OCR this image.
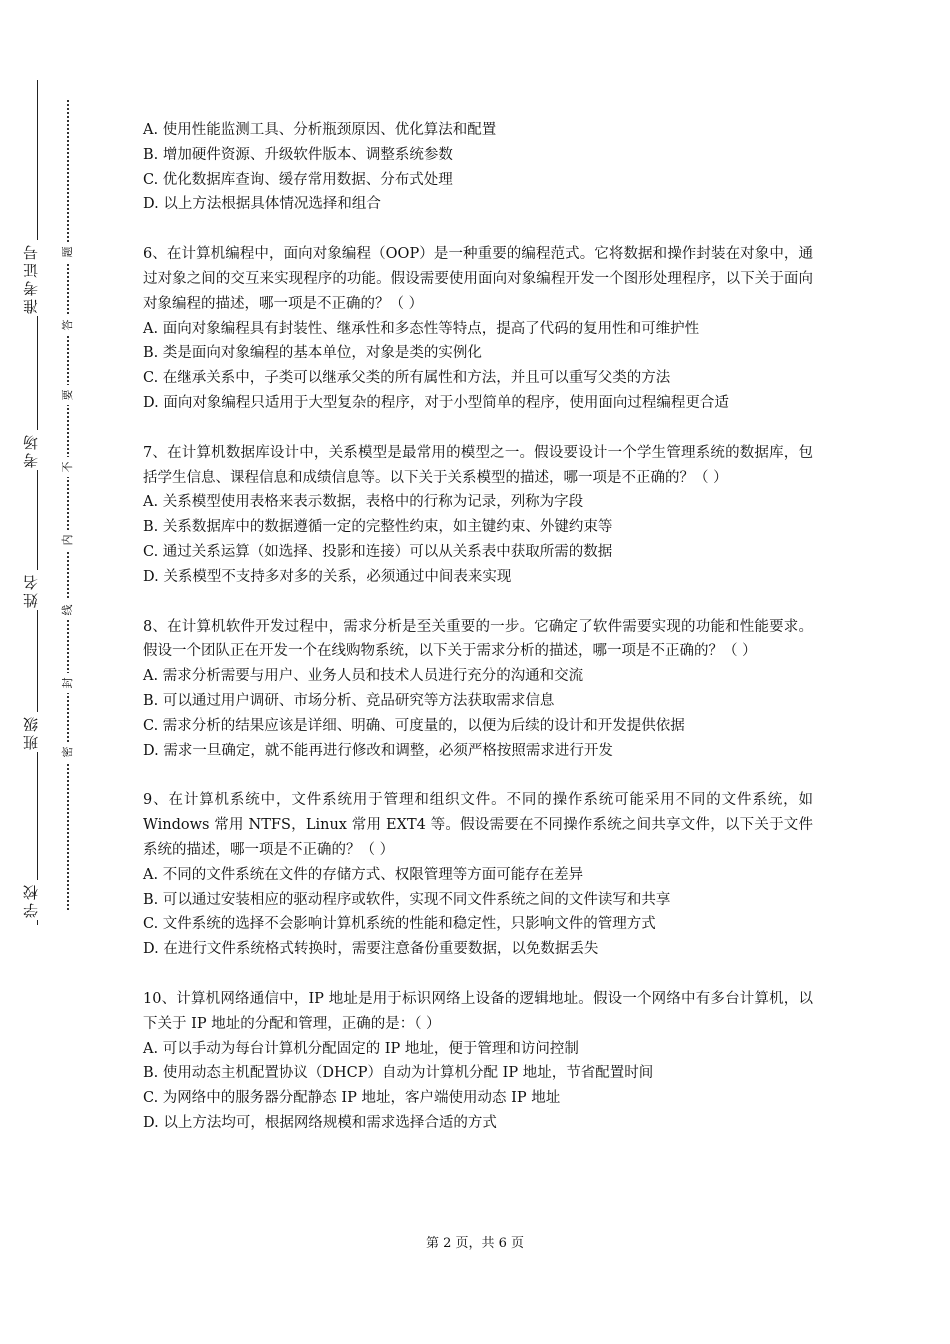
准考证号
考场
姓名
班级
学校
题
答
要
不
内
线
封
密
A. 使用性能监测工具、分析瓶颈原因、优化算法和配置
B. 增加硬件资源、升级软件版本、调整系统参数
C. 优化数据库查询、缓存常用数据、分布式处理
D. 以上方法根据具体情况选择和组合
6、在计算机编程中，面向对象编程（OOP）是一种重要的编程范式。它将数据和操作封装在对象中，通过对象之间的交互来实现程序的功能。假设需要使用面向对象编程开发一个图形处理程序，以下关于面向对象编程的描述，哪一项是不正确的？（ ）
A. 面向对象编程具有封装性、继承性和多态性等特点，提高了代码的复用性和可维护性
B. 类是面向对象编程的基本单位，对象是类的实例化
C. 在继承关系中，子类可以继承父类的所有属性和方法，并且可以重写父类的方法
D. 面向对象编程只适用于大型复杂的程序，对于小型简单的程序，使用面向过程编程更合适
7、在计算机数据库设计中，关系模型是最常用的模型之一。假设要设计一个学生管理系统的数据库，包括学生信息、课程信息和成绩信息等。以下关于关系模型的描述，哪一项是不正确的？（ ）
A. 关系模型使用表格来表示数据，表格中的行称为记录，列称为字段
B. 关系数据库中的数据遵循一定的完整性约束，如主键约束、外键约束等
C. 通过关系运算（如选择、投影和连接）可以从关系表中获取所需的数据
D. 关系模型不支持多对多的关系，必须通过中间表来实现
8、在计算机软件开发过程中，需求分析是至关重要的一步。它确定了软件需要实现的功能和性能要求。假设一个团队正在开发一个在线购物系统，以下关于需求分析的描述，哪一项是不正确的？（ ）
A. 需求分析需要与用户、业务人员和技术人员进行充分的沟通和交流
B. 可以通过用户调研、市场分析、竞品研究等方法获取需求信息
C. 需求分析的结果应该是详细、明确、可度量的，以便为后续的设计和开发提供依据
D. 需求一旦确定，就不能再进行修改和调整，必须严格按照需求进行开发
9、在计算机系统中，文件系统用于管理和组织文件。不同的操作系统可能采用不同的文件系统，如 Windows 常用 NTFS，Linux 常用 EXT4 等。假设需要在不同操作系统之间共享文件，以下关于文件系统的描述，哪一项是不正确的？（ ）
A. 不同的文件系统在文件的存储方式、权限管理等方面可能存在差异
B. 可以通过安装相应的驱动程序或软件，实现不同文件系统之间的文件读写和共享
C. 文件系统的选择不会影响计算机系统的性能和稳定性，只影响文件的管理方式
D. 在进行文件系统格式转换时，需要注意备份重要数据，以免数据丢失
10、计算机网络通信中，IP 地址是用于标识网络上设备的逻辑地址。假设一个网络中有多台计算机，以下关于 IP 地址的分配和管理，正确的是：（ ）
A. 可以手动为每台计算机分配固定的 IP 地址，便于管理和访问控制
B. 使用动态主机配置协议（DHCP）自动为计算机分配 IP 地址，节省配置时间
C. 为网络中的服务器分配静态 IP 地址，客户端使用动态 IP 地址
D. 以上方法均可，根据网络规模和需求选择合适的方式
第 2 页，共 6 页
